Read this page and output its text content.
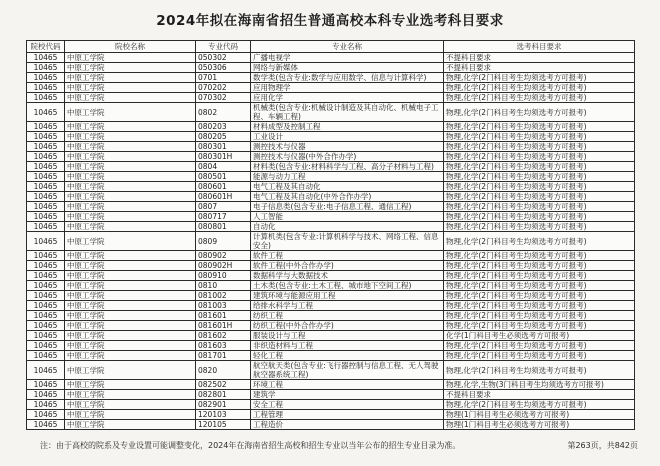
2024年拟在海南省招生普通高校本科专业选考科目要求
院校代码	院校名称	专业代码	专业名称	选考科目要求
10465	中原工学院	050302	广播电视学	不提科目要求
10465	中原工学院	050306	网络与新媒体	不提科目要求
10465	中原工学院	0701	数学类(包含专业:数学与应用数学、信息与计算科学)	物理,化学(2门科目考生均须选考方可报考)
10465	中原工学院	070202	应用物理学	物理,化学(2门科目考生均须选考方可报考)
10465	中原工学院	070302	应用化学	物理,化学(2门科目考生均须选考方可报考)
10465	中原工学院	0802	机械类(包含专业:机械设计制造及其自动化、机械电子工程、车辆工程)	物理,化学(2门科目考生均须选考方可报考)
10465	中原工学院	080203	材料成型及控制工程	物理,化学(2门科目考生均须选考方可报考)
10465	中原工学院	080205	工业设计	物理,化学(2门科目考生均须选考方可报考)
10465	中原工学院	080301	测控技术与仪器	物理,化学(2门科目考生均须选考方可报考)
10465	中原工学院	080301H	测控技术与仪器(中外合作办学)	物理,化学(2门科目考生均须选考方可报考)
10465	中原工学院	0804	材料类(包含专业:材料科学与工程、高分子材料与工程)	物理,化学(2门科目考生均须选考方可报考)
10465	中原工学院	080501	能源与动力工程	物理,化学(2门科目考生均须选考方可报考)
10465	中原工学院	080601	电气工程及其自动化	物理,化学(2门科目考生均须选考方可报考)
10465	中原工学院	080601H	电气工程及其自动化(中外合作办学)	物理,化学(2门科目考生均须选考方可报考)
10465	中原工学院	0807	电子信息类(包含专业:电子信息工程、通信工程)	物理,化学(2门科目考生均须选考方可报考)
10465	中原工学院	080717	人工智能	物理,化学(2门科目考生均须选考方可报考)
10465	中原工学院	080801	自动化	物理,化学(2门科目考生均须选考方可报考)
10465	中原工学院	0809	计算机类(包含专业:计算机科学与技术、网络工程、信息安全)	物理,化学(2门科目考生均须选考方可报考)
10465	中原工学院	080902	软件工程	物理,化学(2门科目考生均须选考方可报考)
10465	中原工学院	080902H	软件工程(中外合作办学)	物理,化学(2门科目考生均须选考方可报考)
10465	中原工学院	080910	数据科学与大数据技术	物理,化学(2门科目考生均须选考方可报考)
10465	中原工学院	0810	土木类(包含专业:土木工程、城市地下空间工程)	物理,化学(2门科目考生均须选考方可报考)
10465	中原工学院	081002	建筑环境与能源应用工程	物理,化学(2门科目考生均须选考方可报考)
10465	中原工学院	081003	给排水科学与工程	物理,化学(2门科目考生均须选考方可报考)
10465	中原工学院	081601	纺织工程	物理,化学(2门科目考生均须选考方可报考)
10465	中原工学院	081601H	纺织工程(中外合作办学)	物理,化学(2门科目考生均须选考方可报考)
10465	中原工学院	081602	服装设计与工程	化学(1门科目考生必须选考方可报考)
10465	中原工学院	081603	非织造材料与工程	物理,化学(2门科目考生均须选考方可报考)
10465	中原工学院	081701	轻化工程	物理,化学(2门科目考生均须选考方可报考)
10465	中原工学院	0820	航空航天类(包含专业:飞行器控制与信息工程、无人驾驶航空器系统工程)	物理,化学(2门科目考生均须选考方可报考)
10465	中原工学院	082502	环境工程	物理,化学,生物(3门科目考生均须选考方可报考)
10465	中原工学院	082801	建筑学	不提科目要求
10465	中原工学院	082901	安全工程	物理,化学(2门科目考生均须选考方可报考)
10465	中原工学院	120103	工程管理	物理(1门科目考生必须选考方可报考)
10465	中原工学院	120105	工程造价	物理(1门科目考生必须选考方可报考)
注：由于高校的院系及专业设置可能调整变化，2024年在海南省招生高校和招生专业以当年公布的招生专业目录为准。	第263页，共842页
